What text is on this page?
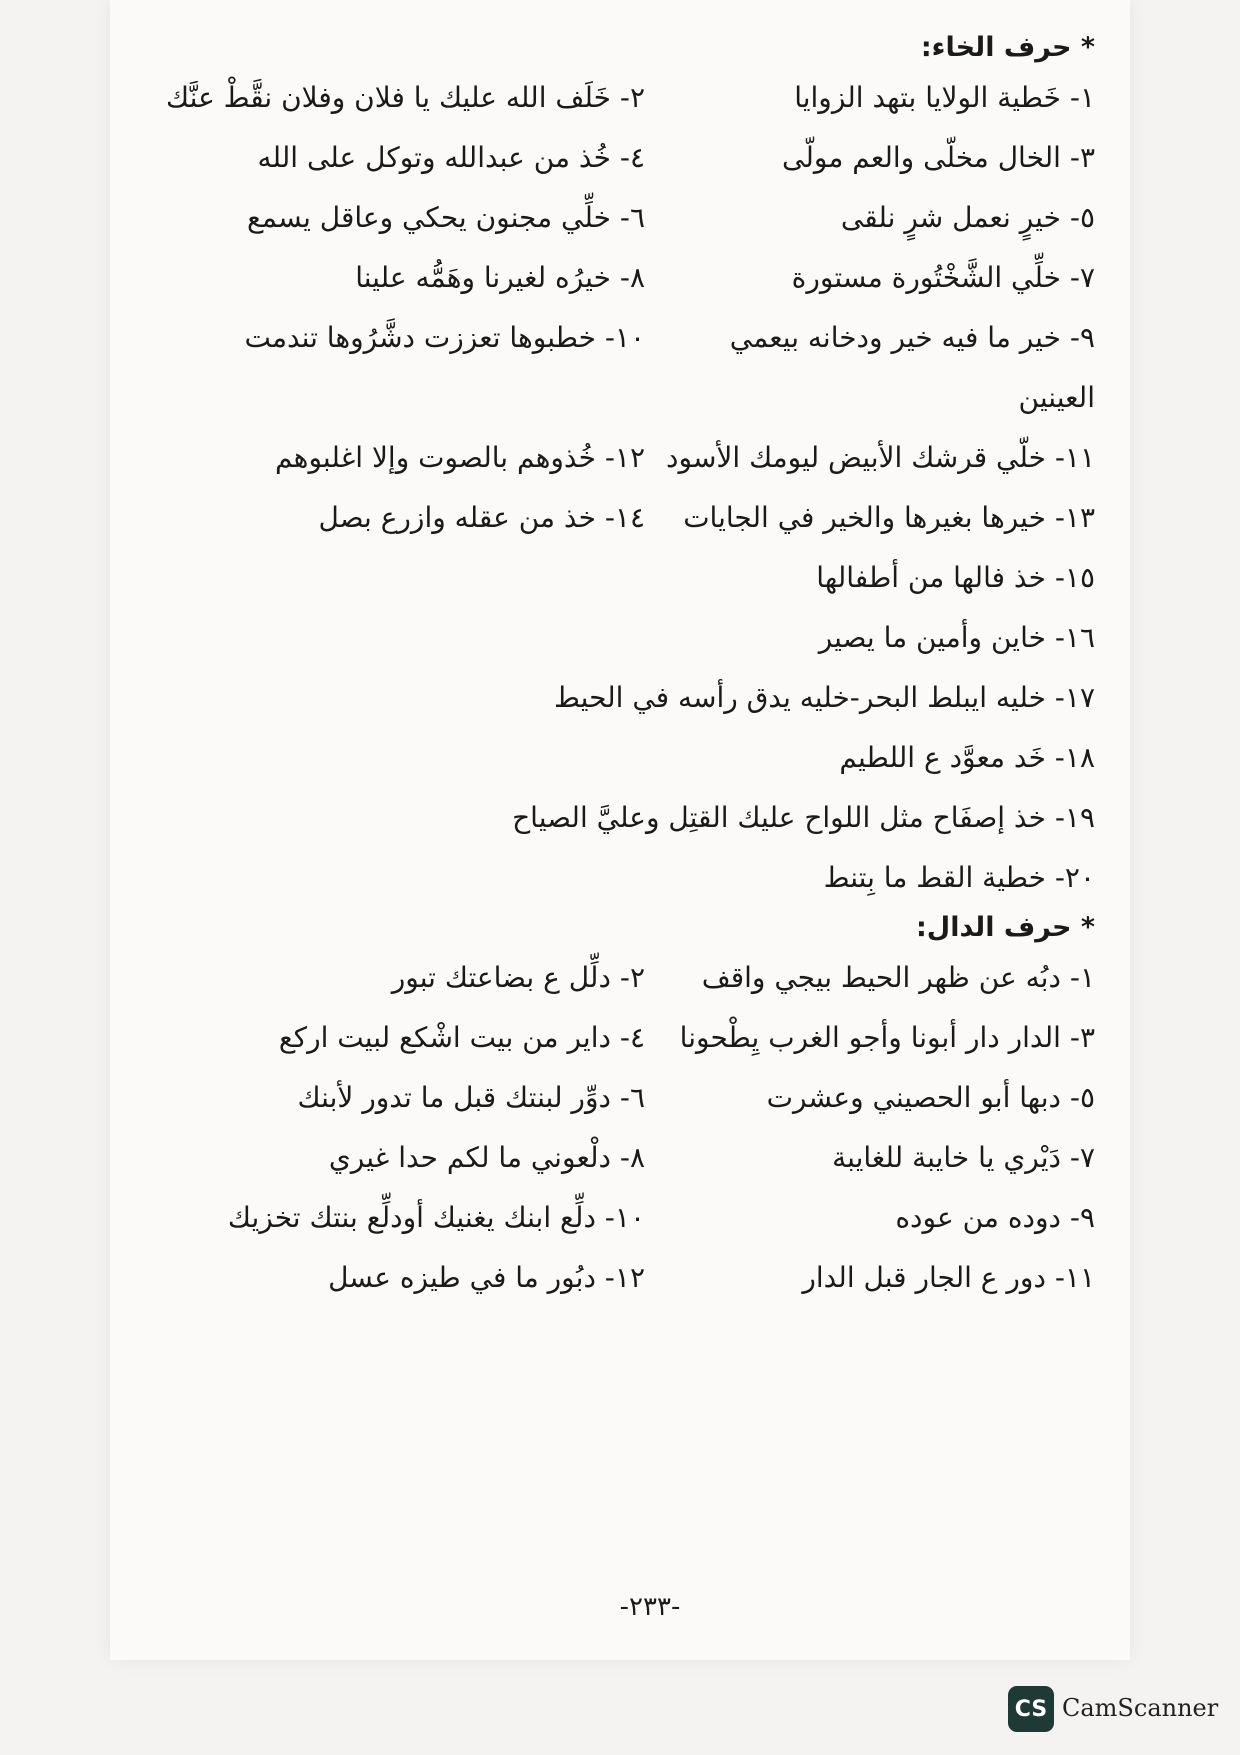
* حرف الخاء:
١- خَطية الولايا بتهد الزوايا
٢- خَلَف الله عليك يا فلان وفلان نقَّطْ عنَّك
٣- الخال مخلّى والعم مولّى
٤- خُذ من عبدالله وتوكل على الله
٥- خيرٍ نعمل شرٍ نلقى
٦- خلِّي مجنون يحكي وعاقل يسمع
٧- خلِّي الشَّخْتُورة مستورة
٨- خيرُه لغيرنا وهَمُّه علينا
٩- خير ما فيه خير ودخانه بيعمي العينين
١٠- خطبوها تعززت دشَّرُوها تندمت
١١- خلّي قرشك الأبيض ليومك الأسود
١٢- خُذوهم بالصوت وإلا اغلبوهم
١٣- خيرها بغيرها والخير في الجايات
١٤- خذ من عقله وازرع بصل
١٥- خذ فالها من أطفالها
١٦- خاين وأمين ما يصير
١٧- خليه ايبلط البحر-خليه يدق رأسه في الحيط
١٨- خَد معوَّد ع اللطيم
١٩- خذ إصفَاح مثل اللواح عليك القتِل وعليَّ الصياح
٢٠- خطية القط ما بِتنط
* حرف الدال:
١- دبُه عن ظهر الحيط بيجي واقف
٢- دلِّل ع بضاعتك تبور
٣- الدار دار أبونا وأجو الغرب يِطْحونا
٤- داير من بيت اشْكع لبيت اركع
٥- دبها أبو الحصيني وعشرت
٦- دوِّر لبنتك قبل ما تدور لأبنك
٧- دَيْري يا خايبة للغايبة
٨- دلْعوني ما لكم حدا غيري
٩- دوده من عوده
١٠- دلِّع ابنك يغنيك أودلِّع بنتك تخزيك
١١- دور ع الجار قبل الدار
١٢- دبُور ما في طيزه عسل
-٢٣٣-
CS CamScanner
